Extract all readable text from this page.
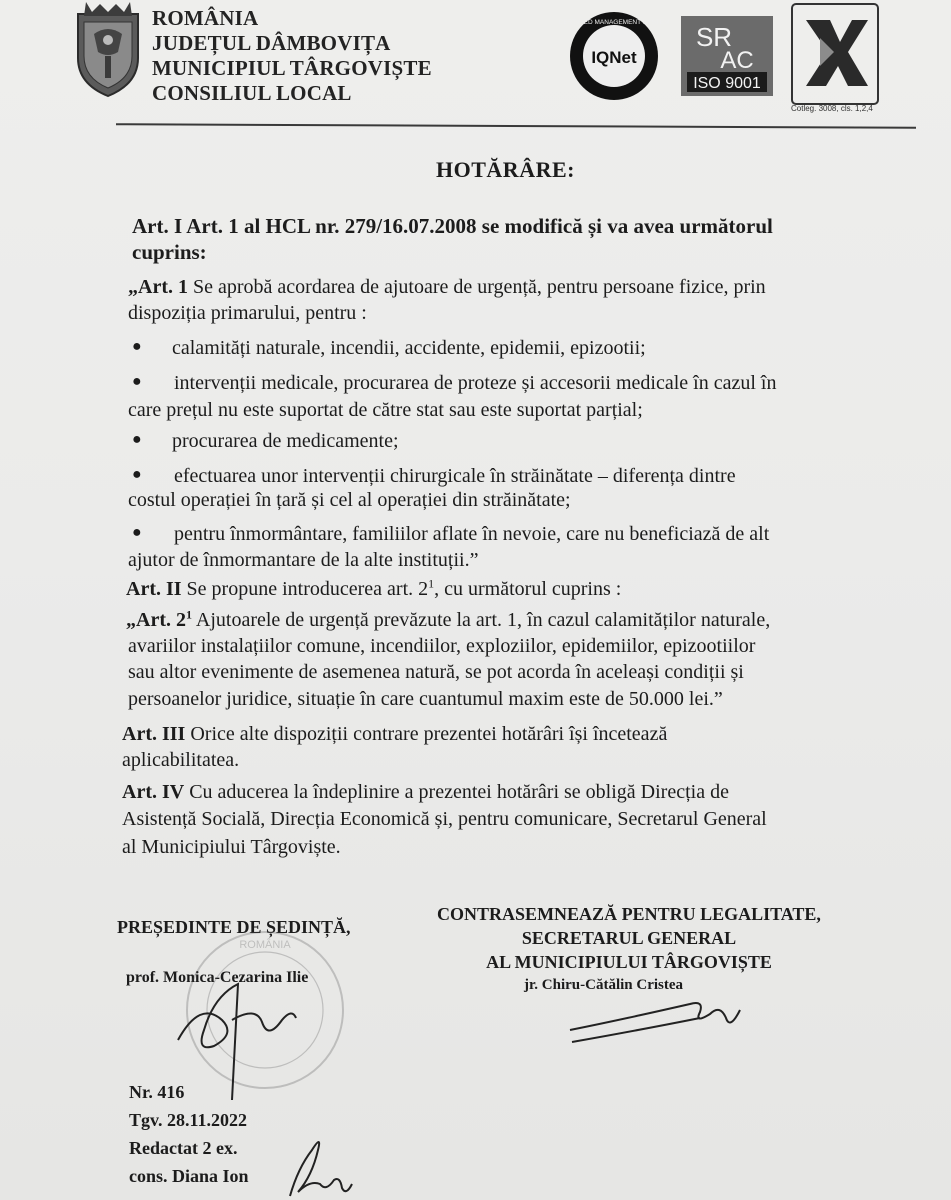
ROMÂNIA
JUDEȚUL DÂMBOVIȚA
MUNICIPIUL TÂRGOVIȘTE
CONSILIUL LOCAL
IQNet
CERTIFIED MANAGEMENT SYSTEM SR
AC
ISO 9001
Cotleg. 3008, cls. 1,2,4
HOTĂRÂRE:
Art. I Art. 1 al HCL nr. 279/16.07.2008 se modifică și va avea următorul
cuprins:
„Art. 1 Se aprobă acordarea de ajutoare de urgență, pentru persoane fizice, prin
dispoziția primarului, pentru :
● calamități naturale, incendii, accidente, epidemii, epizootii;
● intervenții medicale, procurarea de proteze și accesorii medicale în cazul în
care prețul nu este suportat de către stat sau este suportat parțial;
● procurarea de medicamente;
● efectuarea unor intervenții chirurgicale în străinătate – diferența dintre
costul operației în țară și cel al operației din străinătate;
● pentru înmormântare, familiilor aflate în nevoie, care nu beneficiază de alt
ajutor de înmormantare de la alte instituții.”
Art. II Se propune introducerea art. $2^1$, cu următorul cuprins :
„Art. $2^1$ Ajutoarele de urgență prevăzute la art. 1, în cazul calamităților naturale,
avariilor instalațiilor comune, incendiilor, exploziilor, epidemiilor, epizootiilor
sau altor evenimente de asemenea natură, se pot acorda în aceleași condiții și
persoanelor juridice, situație în care cuantumul maxim este de 50.000 lei.”
Art. III Orice alte dispoziții contrare prezentei hotărâri își încetează
aplicabilitatea.
Art. IV Cu aducerea la îndeplinire a prezentei hotărâri se obligă Direcția de
Asistență Socială, Direcția Economică și, pentru comunicare, Secretarul General
al Municipiului Târgoviște.
PREȘEDINTE DE ȘEDINȚĂ,
prof. Monica-Cezarina Ilie
CONTRASEMNEAZĂ PENTRU LEGALITATE,
SECRETARUL GENERAL
AL MUNICIPIULUI TÂRGOVIȘTE
jr. Chiru-Cătălin Cristea
ROMÂNIA
Nr. 416
Tgv. 28.11.2022
Redactat 2 ex.
cons. Diana Ion
